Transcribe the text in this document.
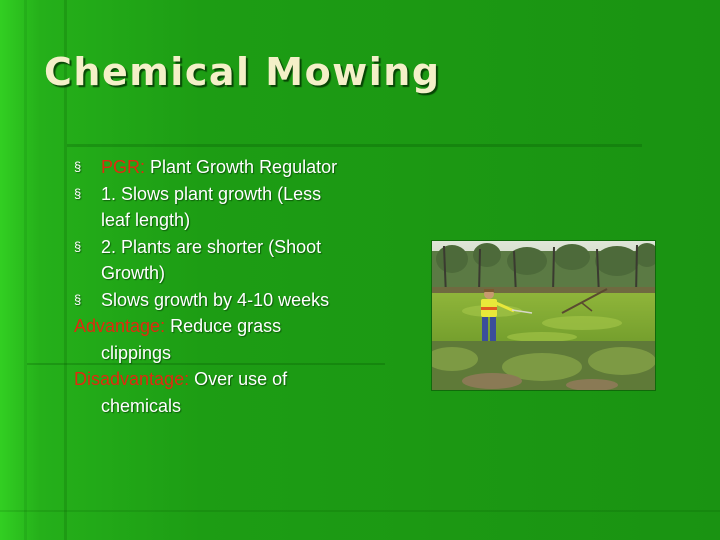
Chemical Mowing
§ PGR: Plant Growth Regulator
§ 1. Slows plant growth (Less
leaf length)
§ 2. Plants are shorter (Shoot
Growth)
§ Slows growth by 4-10 weeks
Advantage: Reduce grass
clippings
Disadvantage: Over use of
chemicals
